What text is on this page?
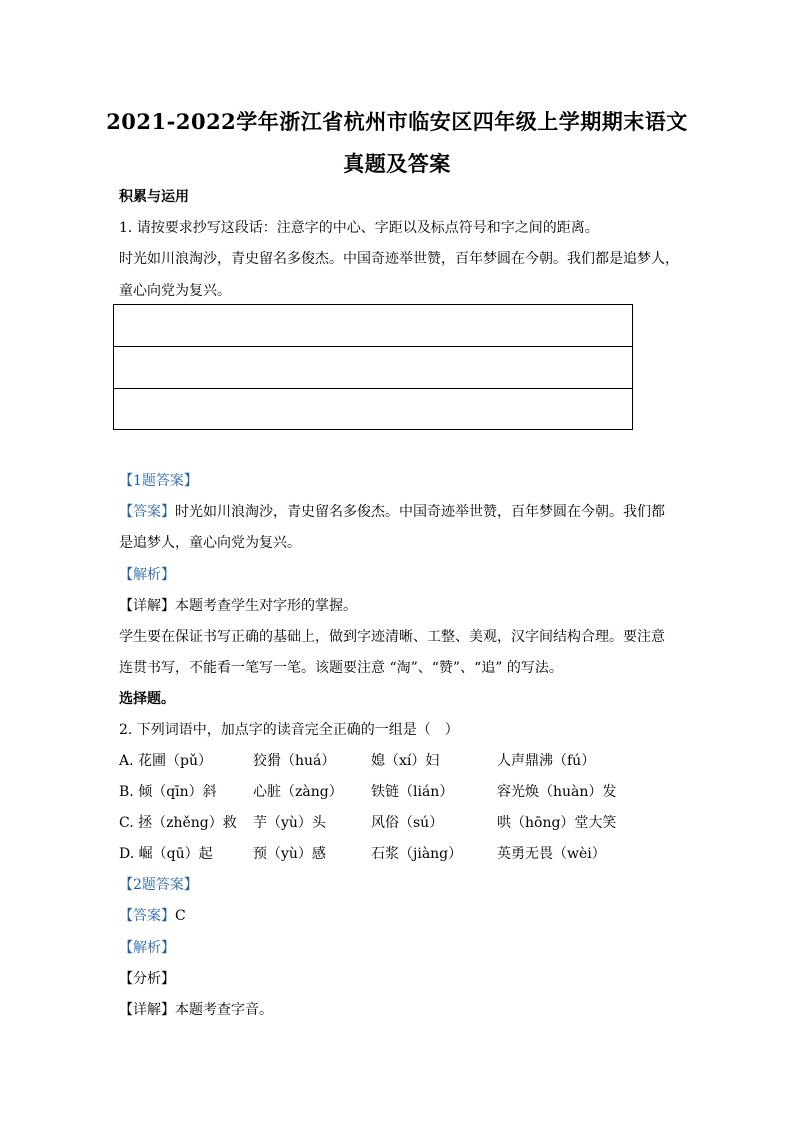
2021-2022学年浙江省杭州市临安区四年级上学期期末语文
真题及答案
积累与运用
1. 请按要求抄写这段话：注意字的中心、字距以及标点符号和字之间的距离。
时光如川浪淘沙，青史留名多俊杰。中国奇迹举世赞，百年梦圆在今朝。我们都是追梦人，
童心向党为复兴。
【1题答案】
【答案】时光如川浪淘沙，青史留名多俊杰。中国奇迹举世赞，百年梦圆在今朝。我们都
是追梦人，童心向党为复兴。
【解析】
【详解】本题考查学生对字形的掌握。
学生要在保证书写正确的基础上，做到字迹清晰、工整、美观，汉字间结构合理。要注意
连贯书写，不能看一笔写一笔。该题要注意 “淘”、“赞”、“追” 的写法。
选择题。
2. 下列词语中，加点字的读音完全正确的一组是（　）
A. 花圃（pǔ）	狡猾（huá）	媳（xí）妇	人声鼎沸（fú）
B. 倾（qīn）斜	心脏（zàng） 铁链（lián）	容光焕（huàn）发
C. 拯（zhěng）救 芋（yù）头	风俗（sú）	哄（hōng）堂大笑
D. 崛（qū）起	预（yù）感	石浆（jiàng） 英勇无畏（wèi）
【2题答案】
【答案】C
【解析】
【分析】
【详解】本题考查字音。
